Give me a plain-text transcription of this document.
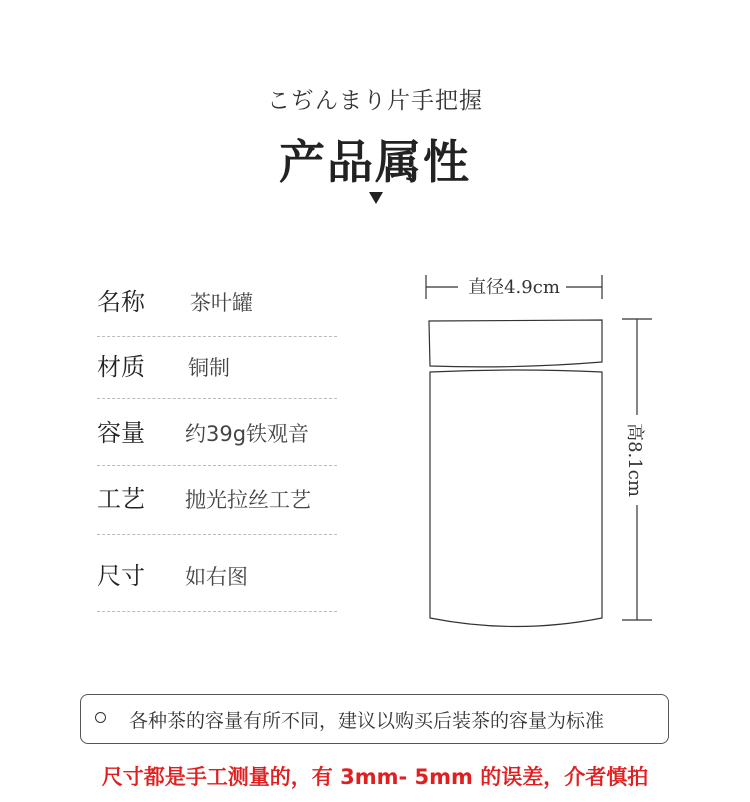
こぢんまり片手把握
产品属性
名称 茶叶罐
材质 铜制
容量 约39g铁观音
工艺 抛光拉丝工艺
尺寸 如右图
直径4.9cm
高8.1cm
各种茶的容量有所不同，建议以购买后装茶的容量为标准
尺寸都是手工测量的，有 3mm- 5mm 的误差，介者慎拍
